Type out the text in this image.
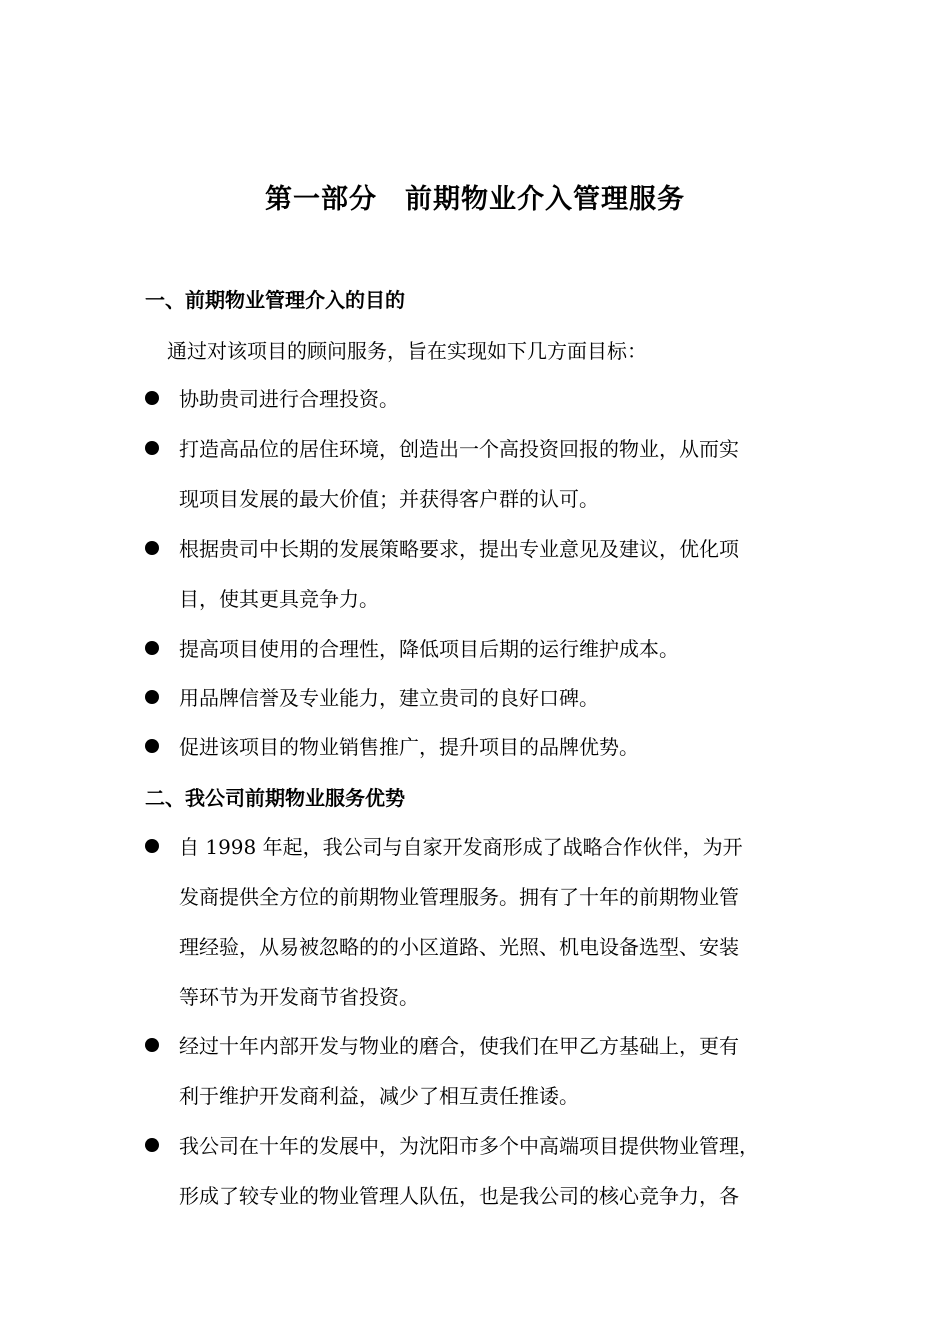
第一部分　前期物业介入管理服务
一、前期物业管理介入的目的
通过对该项目的顾问服务，旨在实现如下几方面目标：
协助贵司进行合理投资。
打造高品位的居住环境，创造出一个高投资回报的物业，从而实
现项目发展的最大价值；并获得客户群的认可。
根据贵司中长期的发展策略要求，提出专业意见及建议，优化项
目，使其更具竞争力。
提高项目使用的合理性，降低项目后期的运行维护成本。
用品牌信誉及专业能力，建立贵司的良好口碑。
促进该项目的物业销售推广，提升项目的品牌优势。
二、我公司前期物业服务优势
自 1998 年起，我公司与自家开发商形成了战略合作伙伴，为开
发商提供全方位的前期物业管理服务。拥有了十年的前期物业管
理经验，从易被忽略的的小区道路、光照、机电设备选型、安装
等环节为开发商节省投资。
经过十年内部开发与物业的磨合，使我们在甲乙方基础上，更有
利于维护开发商利益，减少了相互责任推诿。
我公司在十年的发展中，为沈阳市多个中高端项目提供物业管理，
形成了较专业的物业管理人队伍，也是我公司的核心竞争力，各
